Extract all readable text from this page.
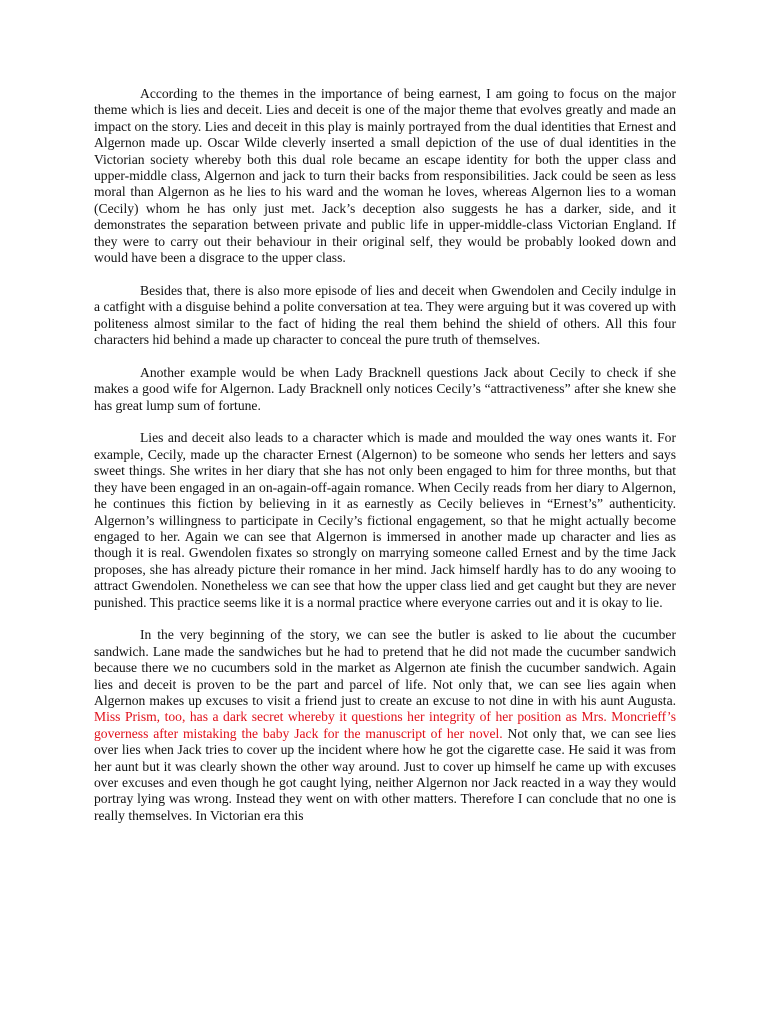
According to the themes in the importance of being earnest, I am going to focus on the major theme which is lies and deceit. Lies and deceit is one of the major theme that evolves greatly and made an impact on the story. Lies and deceit in this play is mainly portrayed from the dual identities that Ernest and Algernon made up. Oscar Wilde cleverly inserted a small depiction of the use of dual identities in the Victorian society whereby both this dual role became an escape identity for both the upper class and upper-middle class, Algernon and jack to turn their backs from responsibilities. Jack could be seen as less moral than Algernon as he lies to his ward and the woman he loves, whereas Algernon lies to a woman (Cecily) whom he has only just met. Jack’s deception also suggests he has a darker, side, and it demonstrates the separation between private and public life in upper-middle-class Victorian England. If they were to carry out their behaviour in their original self, they would be probably looked down and would have been a disgrace to the upper class.

Besides that, there is also more episode of lies and deceit when Gwendolen and Cecily indulge in a catfight with a disguise behind a polite conversation at tea. They were arguing but it was covered up with politeness almost similar to the fact of hiding the real them behind the shield of others. All this four characters hid behind a made up character to conceal the pure truth of themselves.

Another example would be when Lady Bracknell questions Jack about Cecily to check if she makes a good wife for Algernon. Lady Bracknell only notices Cecily’s “attractiveness” after she knew she has great lump sum of fortune.

Lies and deceit also leads to a character which is made and moulded the way ones wants it. For example, Cecily, made up the character Ernest (Algernon) to be someone who sends her letters and says sweet things. She writes in her diary that she has not only been engaged to him for three months, but that they have been engaged in an on-again-off-again romance. When Cecily reads from her diary to Algernon, he continues this fiction by believing in it as earnestly as Cecily believes in “Ernest’s” authenticity. Algernon’s willingness to participate in Cecily’s fictional engagement, so that he might actually become engaged to her. Again we can see that Algernon is immersed in another made up character and lies as though it is real. Gwendolen fixates so strongly on marrying someone called Ernest and by the time Jack proposes, she has already picture their romance in her mind. Jack himself hardly has to do any wooing to attract Gwendolen. Nonetheless we can see that how the upper class lied and get caught but they are never punished. This practice seems like it is a normal practice where everyone carries out and it is okay to lie.

In the very beginning of the story, we can see the butler is asked to lie about the cucumber sandwich. Lane made the sandwiches but he had to pretend that he did not made the cucumber sandwich because there we no cucumbers sold in the market as Algernon ate finish the cucumber sandwich. Again lies and deceit is proven to be the part and parcel of life. Not only that, we can see lies again when Algernon makes up excuses to visit a friend just to create an excuse to not dine in with his aunt Augusta. Miss Prism, too, has a dark secret whereby it questions her integrity of her position as Mrs. Moncrieff’s governess after mistaking the baby Jack for the manuscript of her novel. Not only that, we can see lies over lies when Jack tries to cover up the incident where how he got the cigarette case. He said it was from her aunt but it was clearly shown the other way around. Just to cover up himself he came up with excuses over excuses and even though he got caught lying, neither Algernon nor Jack reacted in a way they would portray lying was wrong. Instead they went on with other matters. Therefore I can conclude that no one is really themselves. In Victorian era this
